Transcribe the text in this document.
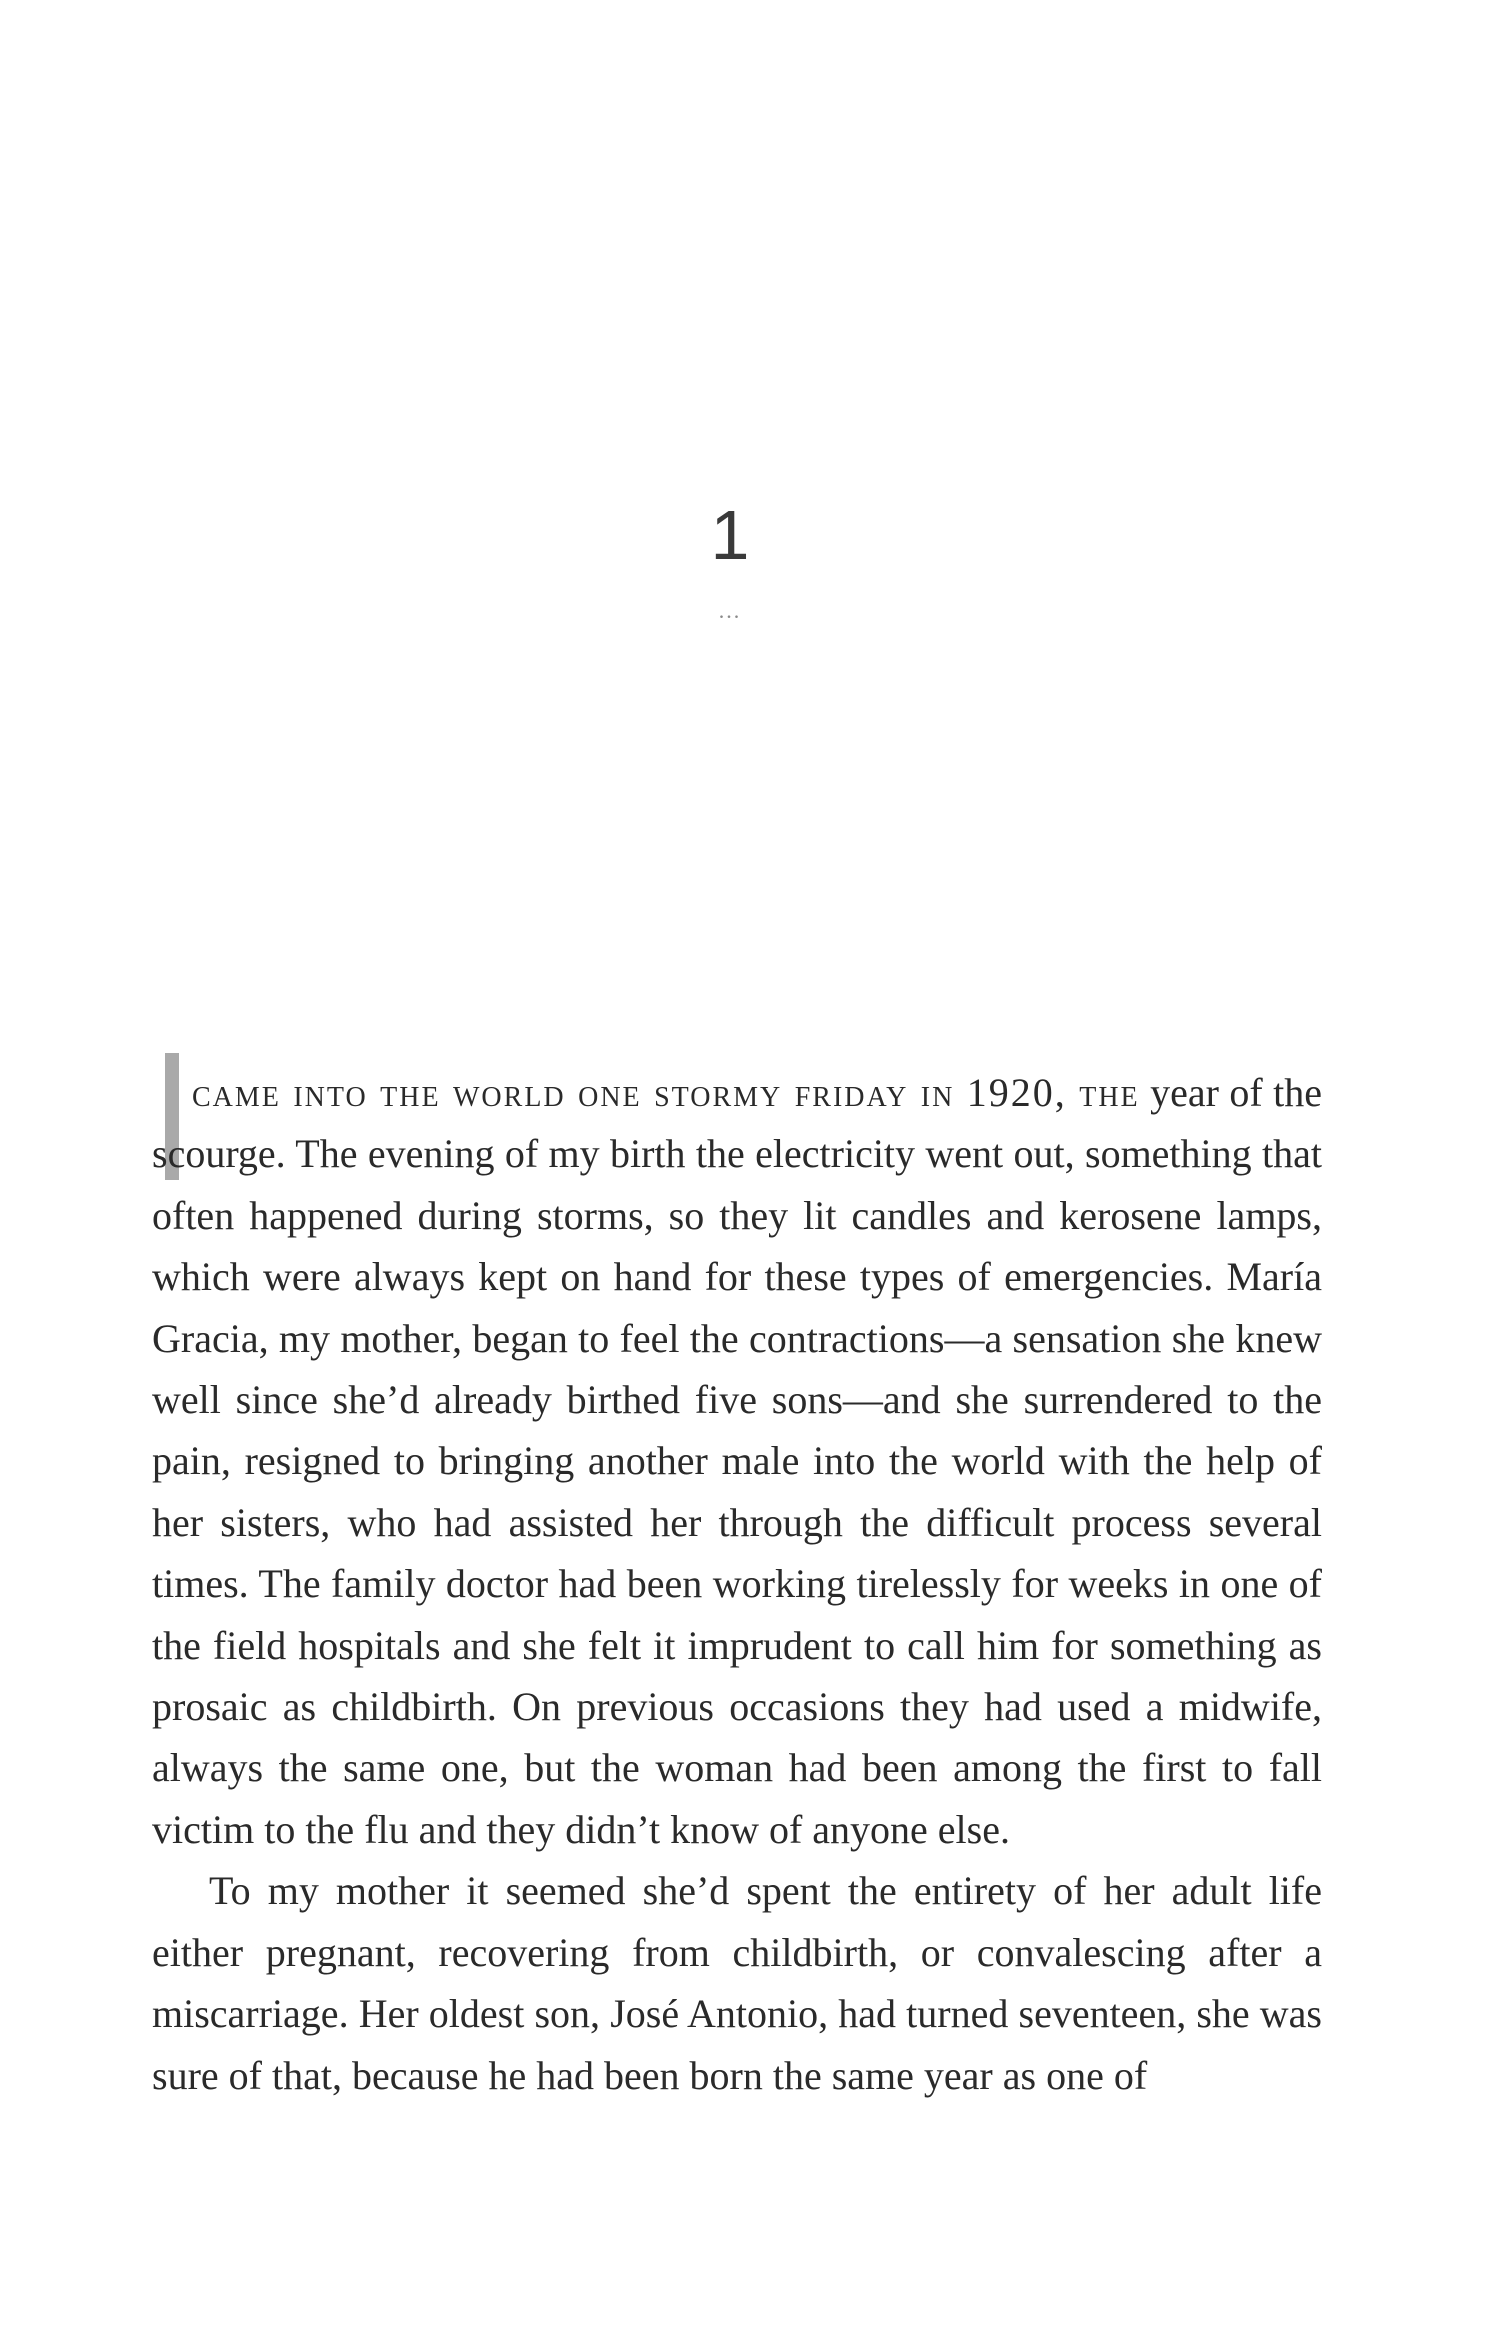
1
...

came into the world one stormy friday in 1920, the year of the scourge. The evening of my birth the electricity went out, something that often happened during storms, so they lit candles and kerosene lamps, which were always kept on hand for these types of emergencies. María Gracia, my mother, began to feel the contractions—a sensation she knew well since she’d already birthed five sons—and she surrendered to the pain, resigned to bringing another male into the world with the help of her sisters, who had assisted her through the difficult process several times. The family doctor had been working tirelessly for weeks in one of the field hospitals and she felt it imprudent to call him for something as prosaic as childbirth. On previous occasions they had used a midwife, always the same one, but the woman had been among the first to fall victim to the flu and they didn’t know of anyone else.

To my mother it seemed she’d spent the entirety of her adult life either pregnant, recovering from childbirth, or convalescing after a miscarriage. Her oldest son, José Antonio, had turned seventeen, she was sure of that, because he had been born the same year as one of
